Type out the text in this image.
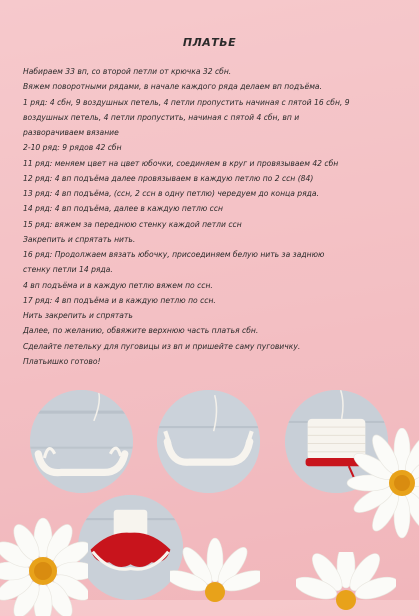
ПЛАТЬЕ

Набираем 33 вп, со второй петли от крючка 32 сбн.

Вяжем поворотными рядами, в начале каждого ряда делаем вп подъёма.

1 ряд: 4 сбн, 9 воздушных петель, 4 петли пропустить начиная с пятой 16 сбн, 9

воздушных петель, 4 петли пропустить, начиная с пятой 4 сбн, вп и

разворачиваем вязание

2-10 ряд: 9 рядов 42 сбн

11 ряд: меняем цвет на цвет юбочки, соединяем в круг и провязываем 42 сбн

12 ряд: 4 вп подъёма далее провязываем в каждую петлю по 2 ссн (84)

13 ряд: 4 вп подъёма, (ссн, 2 ссн в одну петлю) чередуем до конца ряда.

14 ряд: 4 вп подъёма, далее в каждую петлю ссн

15 ряд: вяжем за переднюю стенку каждой петли ссн

Закрепить и спрятать нить.

16 ряд: Продолжаем вязать юбочку, присоединяем белую нить за заднюю

стенку петли 14 ряда.

4 вп подъёма и в каждую петлю вяжем по ссн.

17 ряд: 4 вп подъёма и в каждую петлю по ссн.

Нить закрепить и спрятать

Далее, по желанию, обвяжите верхнюю часть платья сбн.

Сделайте петельку для пуговицы из вп и пришейте саму пуговичку.

Платьишко готово!
